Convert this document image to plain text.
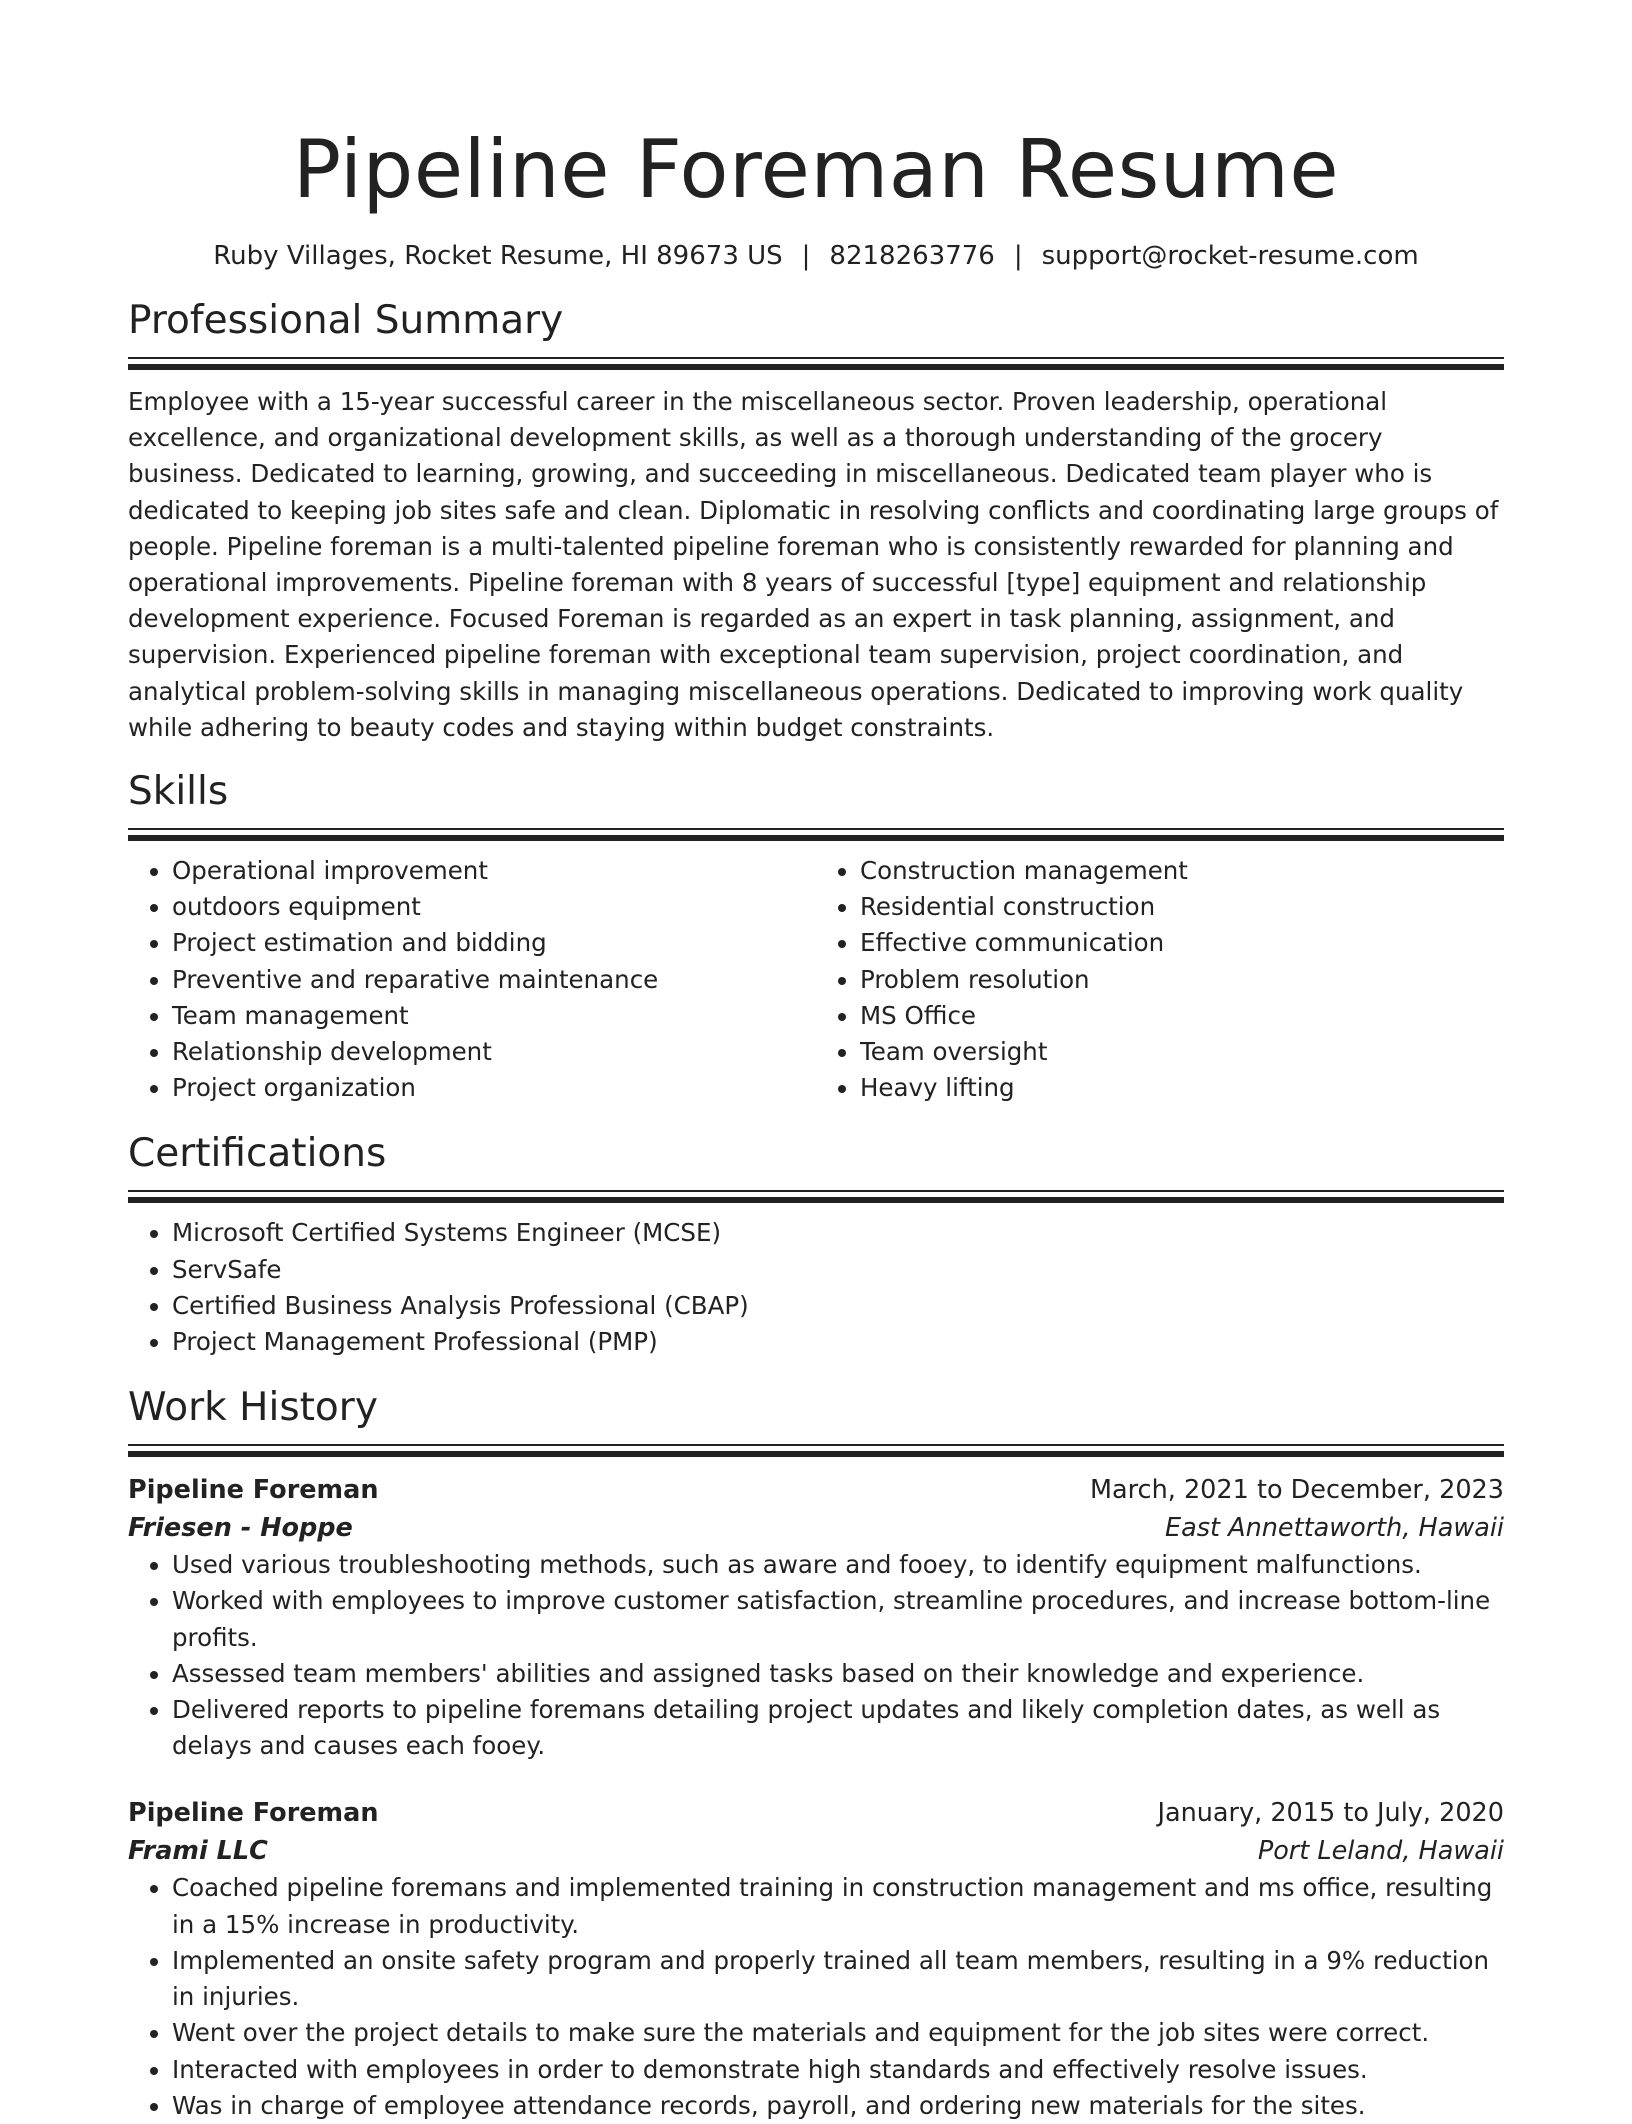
Pipeline Foreman Resume
Ruby Villages, Rocket Resume, HI 89673 US | 8218263776 | support@rocket-resume.com
Professional Summary

Employee with a 15-year successful career in the miscellaneous sector. Proven leadership, operational excellence, and organizational development skills, as well as a thorough understanding of the grocery business. Dedicated to learning, growing, and succeeding in miscellaneous. Dedicated team player who is dedicated to keeping job sites safe and clean. Diplomatic in resolving conflicts and coordinating large groups of people. Pipeline foreman is a multi-talented pipeline foreman who is consistently rewarded for planning and operational improvements. Pipeline foreman with 8 years of successful [type] equipment and relationship development experience. Focused Foreman is regarded as an expert in task planning, assignment, and supervision. Experienced pipeline foreman with exceptional team supervision, project coordination, and analytical problem-solving skills in managing miscellaneous operations. Dedicated to improving work quality while adhering to beauty codes and staying within budget constraints.

Skills
• Operational improvement
• outdoors equipment
• Project estimation and bidding
• Preventive and reparative maintenance
• Team management
• Relationship development
• Project organization
• Construction management
• Residential construction
• Effective communication
• Problem resolution
• MS Office
• Team oversight
• Heavy lifting
Certifications
• Microsoft Certified Systems Engineer (MCSE)
• ServSafe
• Certified Business Analysis Professional (CBAP)
• Project Management Professional (PMP)
Work History
Pipeline Foreman	March, 2021 to December, 2023
Friesen - Hoppe	East Annettaworth, Hawaii
• Used various troubleshooting methods, such as aware and fooey, to identify equipment malfunctions.
• Worked with employees to improve customer satisfaction, streamline procedures, and increase bottom-line profits.
• Assessed team members' abilities and assigned tasks based on their knowledge and experience.
• Delivered reports to pipeline foremans detailing project updates and likely completion dates, as well as delays and causes each fooey.
Pipeline Foreman	January, 2015 to July, 2020
Frami LLC	Port Leland, Hawaii
• Coached pipeline foremans and implemented training in construction management and ms office, resulting in a 15% increase in productivity.
• Implemented an onsite safety program and properly trained all team members, resulting in a 9% reduction in injuries.
• Went over the project details to make sure the materials and equipment for the job sites were correct.
• Interacted with employees in order to demonstrate high standards and effectively resolve issues.
• Was in charge of employee attendance records, payroll, and ordering new materials for the sites.
